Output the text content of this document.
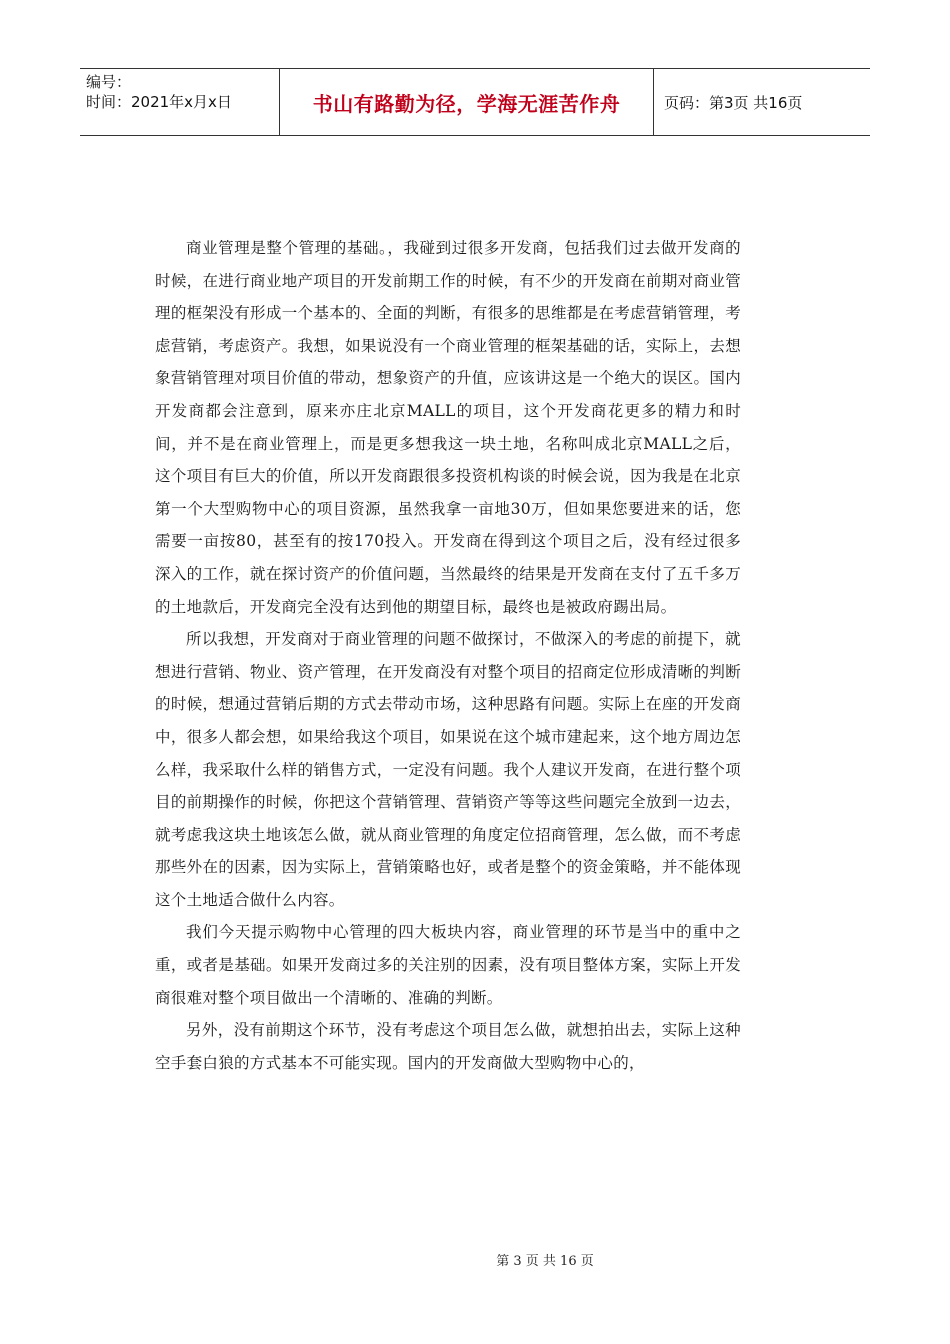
编号：
时间：2021年x月x日	书山有路勤为径，学海无涯苦作舟	页码：第3页 共16页

商业管理是整个管理的基础。，我碰到过很多开发商，包括我们过去做开发商的时候，在进行商业地产项目的开发前期工作的时候，有不少的开发商在前期对商业管理的框架没有形成一个基本的、全面的判断，有很多的思维都是在考虑营销管理，考虑营销，考虑资产。我想，如果说没有一个商业管理的框架基础的话，实际上，去想象营销管理对项目价值的带动，想象资产的升值，应该讲这是一个绝大的误区。国内开发商都会注意到，原来亦庄北京MALL的项目，这个开发商花更多的精力和时间，并不是在商业管理上，而是更多想我这一块土地，名称叫成北京MALL之后，这个项目有巨大的价值，所以开发商跟很多投资机构谈的时候会说，因为我是在北京第一个大型购物中心的项目资源，虽然我拿一亩地30万，但如果您要进来的话，您需要一亩按80，甚至有的按170投入。开发商在得到这个项目之后，没有经过很多深入的工作，就在探讨资产的价值问题，当然最终的结果是开发商在支付了五千多万的土地款后，开发商完全没有达到他的期望目标，最终也是被政府踢出局。

所以我想，开发商对于商业管理的问题不做探讨，不做深入的考虑的前提下，就想进行营销、物业、资产管理，在开发商没有对整个项目的招商定位形成清晰的判断的时候，想通过营销后期的方式去带动市场，这种思路有问题。实际上在座的开发商中，很多人都会想，如果给我这个项目，如果说在这个城市建起来，这个地方周边怎么样，我采取什么样的销售方式，一定没有问题。我个人建议开发商，在进行整个项目的前期操作的时候，你把这个营销管理、营销资产等等这些问题完全放到一边去，就考虑我这块土地该怎么做，就从商业管理的角度定位招商管理，怎么做，而不考虑那些外在的因素，因为实际上，营销策略也好，或者是整个的资金策略，并不能体现这个土地适合做什么内容。

我们今天提示购物中心管理的四大板块内容，商业管理的环节是当中的重中之重，或者是基础。如果开发商过多的关注别的因素，没有项目整体方案，实际上开发商很难对整个项目做出一个清晰的、准确的判断。

另外，没有前期这个环节，没有考虑这个项目怎么做，就想拍出去，实际上这种空手套白狼的方式基本不可能实现。国内的开发商做大型购物中心的，

第 3 页 共 16 页
